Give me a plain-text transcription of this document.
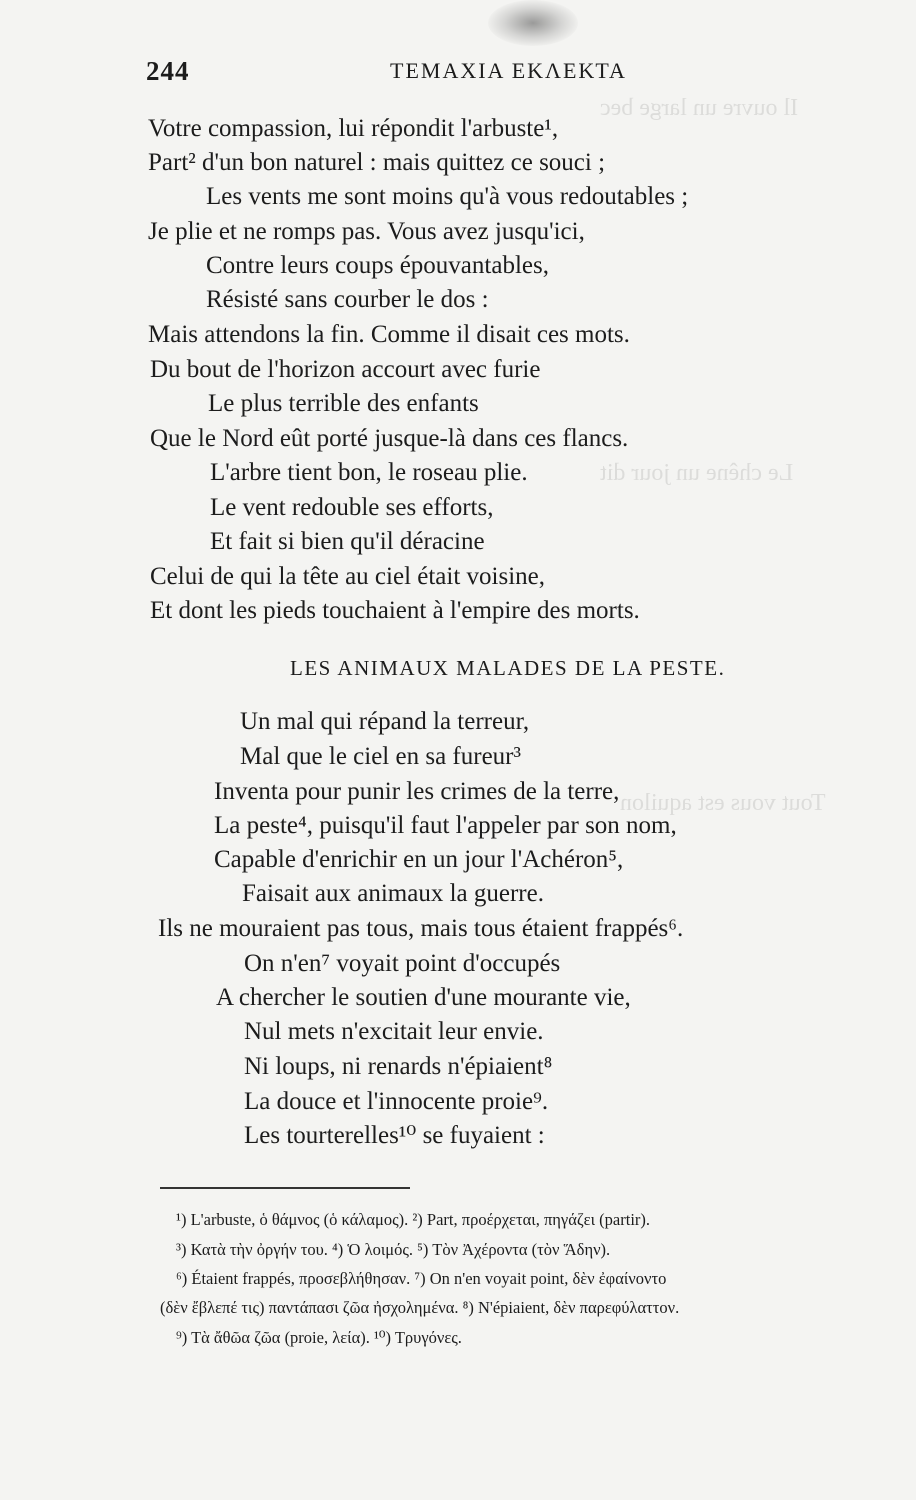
Il ouvre un large bec
Le chêne un jour dit
Tout vous est aquilon
244	ΤΕΜΑΧΙΑ ΕΚΛΕΚΤΑ
Votre compassion, lui répondit l'arbuste¹,
Part² d'un bon naturel : mais quittez ce souci ;
Les vents me sont moins qu'à vous redoutables ;
Je plie et ne romps pas. Vous avez jusqu'ici,
Contre leurs coups épouvantables,
Résisté sans courber le dos :
Mais attendons la fin. Comme il disait ces mots.
Du bout de l'horizon accourt avec furie
Le plus terrible des enfants
Que le Nord eût porté jusque-là dans ces flancs.
L'arbre tient bon, le roseau plie.
Le vent redouble ses efforts,
Et fait si bien qu'il déracine
Celui de qui la tête au ciel était voisine,
Et dont les pieds touchaient à l'empire des morts.
LES ANIMAUX MALADES DE LA PESTE.
Un mal qui répand la terreur,
Mal que le ciel en sa fureur³
Inventa pour punir les crimes de la terre,
La peste⁴, puisqu'il faut l'appeler par son nom,
Capable d'enrichir en un jour l'Achéron⁵,
Faisait aux animaux la guerre.
Ils ne mouraient pas tous, mais tous étaient frappés⁶.
On n'en⁷ voyait point d'occupés
A chercher le soutien d'une mourante vie,
Nul mets n'excitait leur envie.
Ni loups, ni renards n'épiaient⁸
La douce et l'innocente proie⁹.
Les tourterelles¹⁰ se fuyaient :
¹) L'arbuste, ὁ θάμνος (ὁ κάλαμος). ²) Part, προέρχεται, πηγάζει (partir).
³) Κατὰ τὴν ὀργήν του. ⁴) Ὁ λοιμός. ⁵) Τὸν Ἀχέροντα (τὸν Ἅδην).
⁶) Étaient frappés, προσεβλήθησαν. ⁷) On n'en voyait point, δὲν ἐφαίνοντο
(δὲν ἔβλεπέ τις) παντάπασι ζῶα ἠσχολημένα. ⁸) N'épiaient, δὲν παρεφύλαττον.
⁹) Τὰ ἄθῶα ζῶα (proie, λεία). ¹⁰) Τρυγόνες.
